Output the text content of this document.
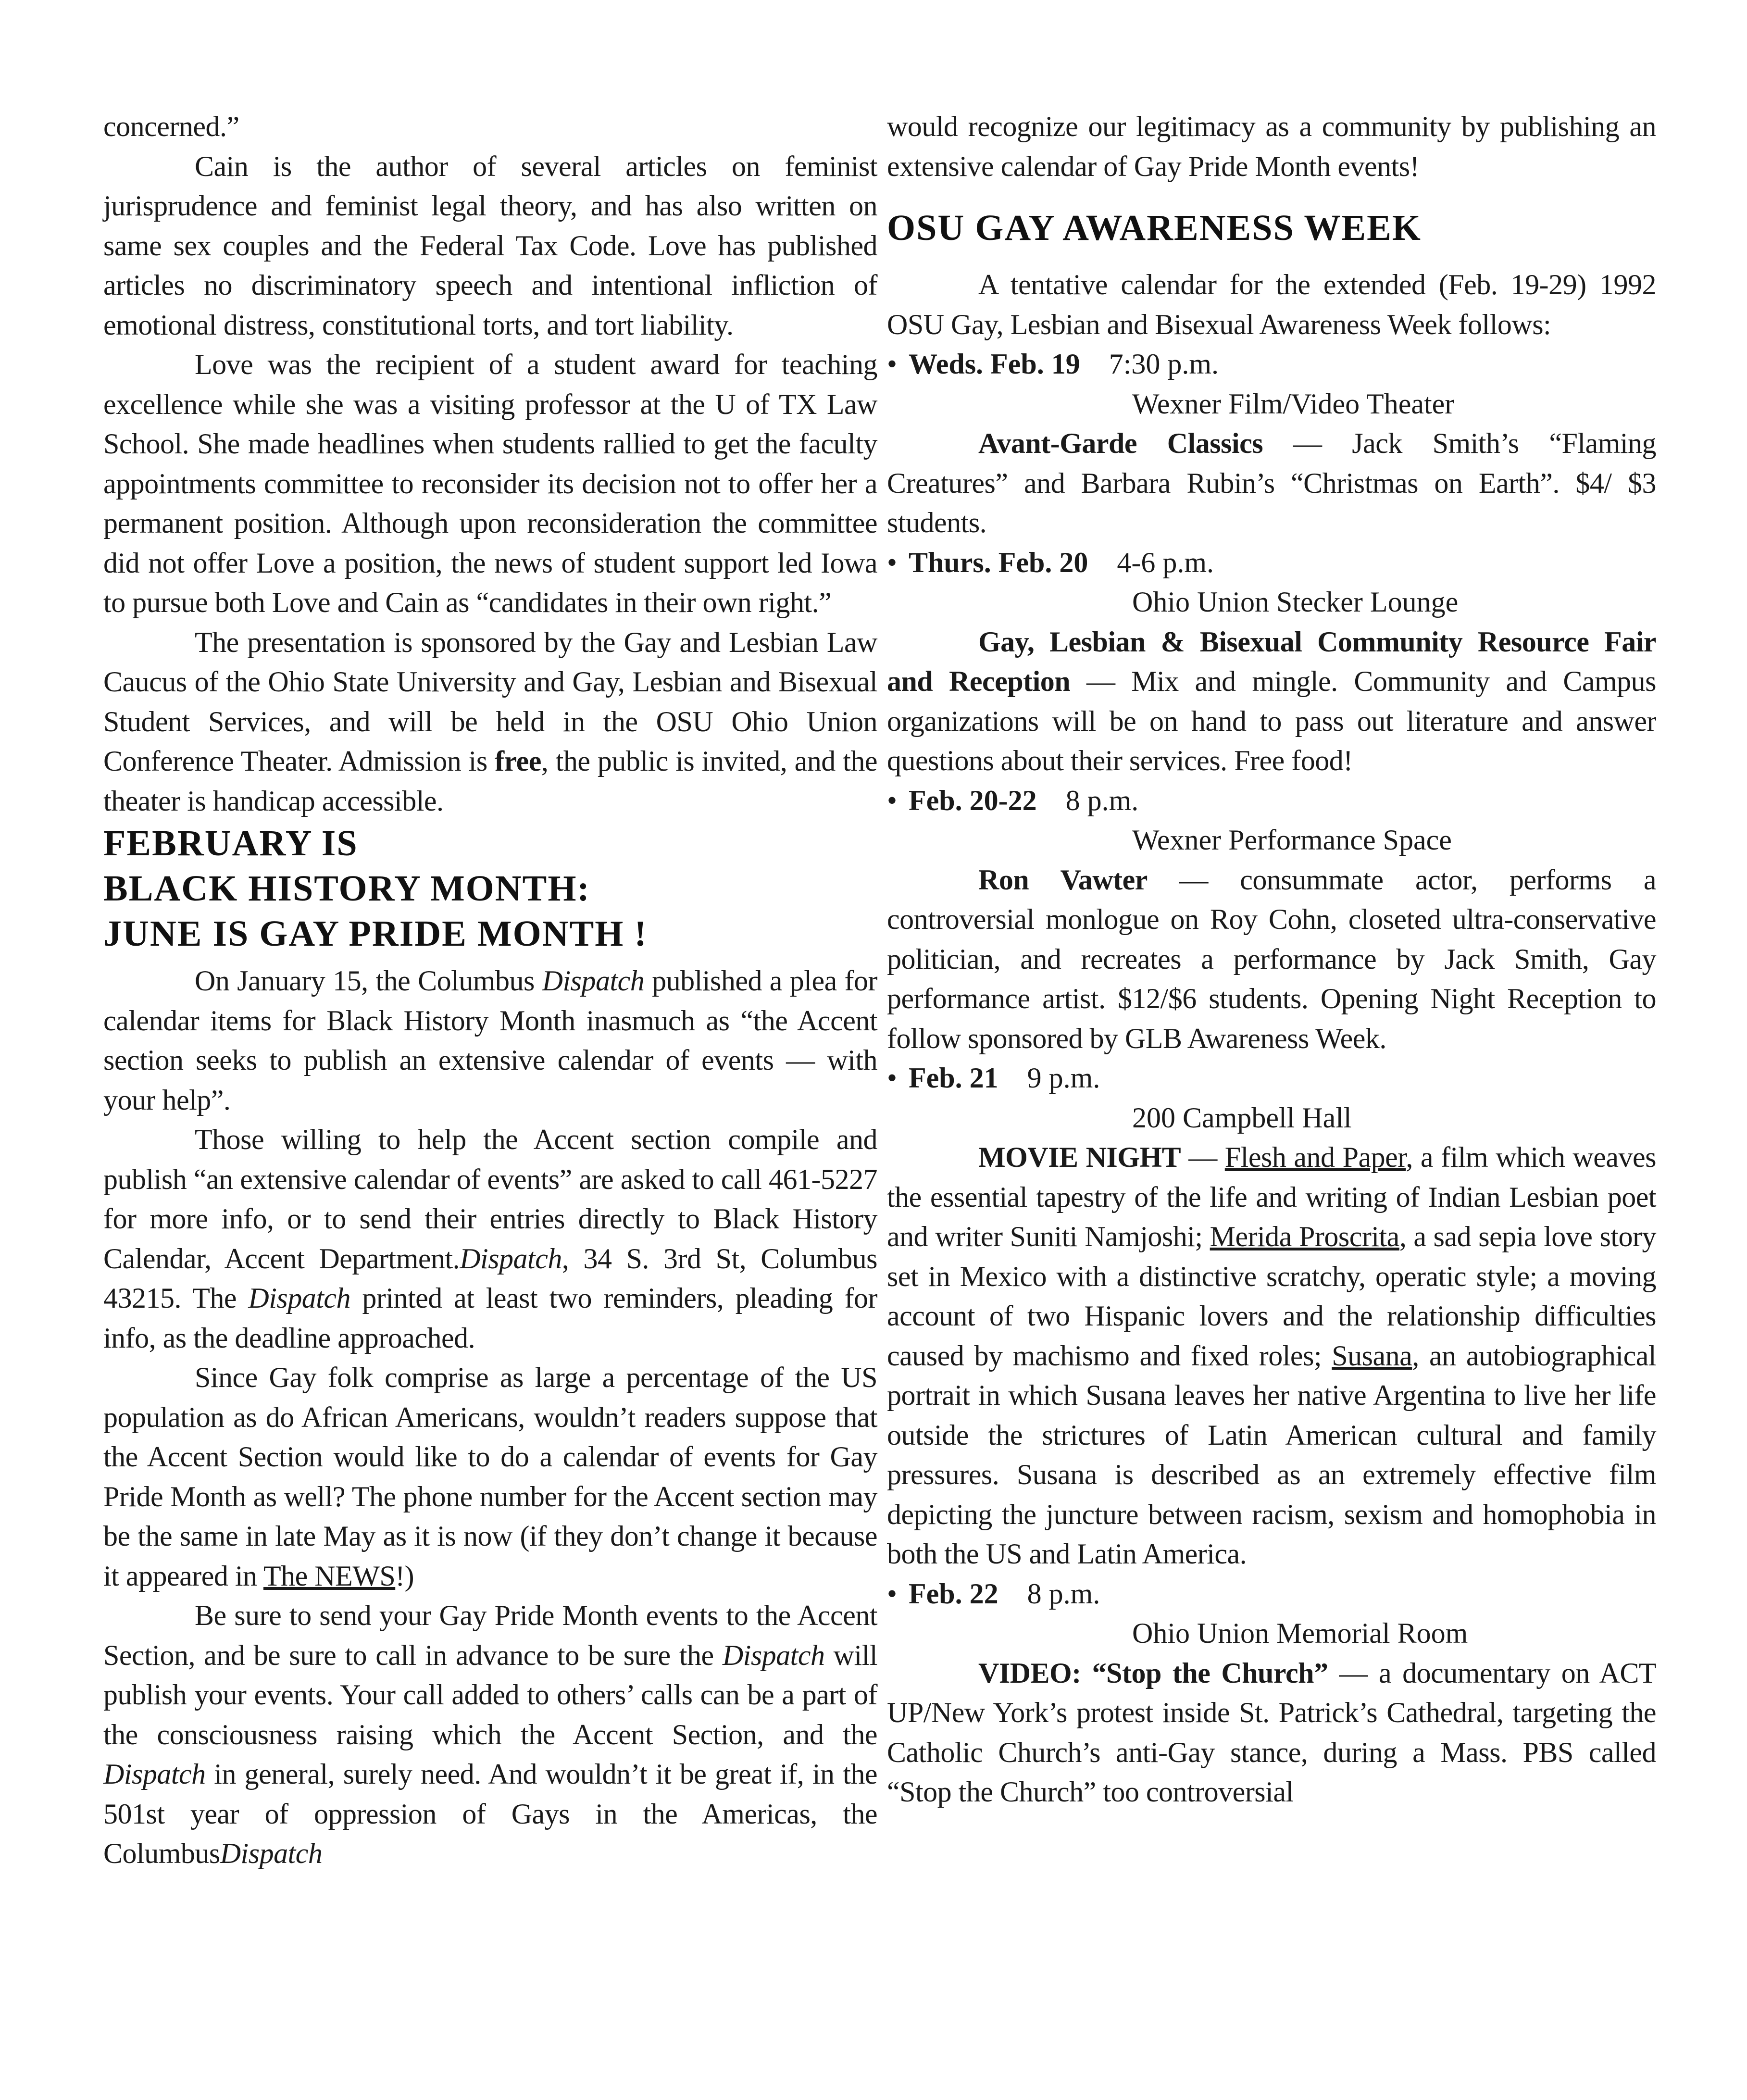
concerned.”

Cain is the author of several articles on feminist jurisprudence and feminist legal theory, and has also written on same sex couples and the Federal Tax Code. Love has published articles no discriminatory speech and intentional infliction of emotional distress, constitutional torts, and tort liability.

Love was the recipient of a student award for teaching excellence while she was a visiting professor at the U of TX Law School. She made headlines when students rallied to get the faculty appointments committee to reconsider its decision not to offer her a permanent position. Although upon reconsideration the committee did not offer Love a position, the news of student support led Iowa to pursue both Love and Cain as “candidates in their own right.”

The presentation is sponsored by the Gay and Lesbian Law Caucus of the Ohio State University and Gay, Lesbian and Bisexual Student Services, and will be held in the OSU Ohio Union Conference Theater. Admission is free, the public is invited, and the theater is handicap accessible.

FEBRUARY IS
BLACK HISTORY MONTH:
JUNE IS GAY PRIDE MONTH !

On January 15, the Columbus Dispatch published a plea for calendar items for Black History Month inasmuch as “the Accent section seeks to publish an extensive calendar of events — with your help”.

Those willing to help the Accent section compile and publish “an extensive calendar of events” are asked to call 461-5227 for more info, or to send their entries directly to Black History Calendar, Accent Department.Dispatch, 34 S. 3rd St, Columbus 43215. The Dispatch printed at least two reminders, pleading for info, as the deadline approached.

Since Gay folk comprise as large a percentage of the US population as do African Americans, wouldn’t readers suppose that the Accent Section would like to do a calendar of events for Gay Pride Month as well? The phone number for the Accent section may be the same in late May as it is now (if they don’t change it because it appeared in The NEWS!)

Be sure to send your Gay Pride Month events to the Accent Section, and be sure to call in advance to be sure the Dispatch will publish your events. Your call added to others’ calls can be a part of the consciousness raising which the Accent Section, and the Dispatch in general, surely need. And wouldn’t it be great if, in the 501st year of oppression of Gays in the Americas, the ColumbusDispatch

would recognize our legitimacy as a community by publishing an extensive calendar of Gay Pride Month events!

OSU GAY AWARENESS WEEK

A tentative calendar for the extended (Feb. 19-29) 1992 OSU Gay, Lesbian and Bisexual Awareness Week follows:

• Weds. Feb. 19 7:30 p.m.
Wexner Film/Video Theater

Avant-Garde Classics — Jack Smith’s “Flaming Creatures” and Barbara Rubin’s “Christmas on Earth”. $4/ $3 students.

• Thurs. Feb. 20 4-6 p.m.
Ohio Union Stecker Lounge

Gay, Lesbian & Bisexual Community Resource Fair and Reception — Mix and mingle. Community and Campus organizations will be on hand to pass out literature and answer questions about their services. Free food!

• Feb. 20-22 8 p.m.
Wexner Performance Space

Ron Vawter — consummate actor, performs a controversial monlogue on Roy Cohn, closeted ultra-conservative politician, and recreates a performance by Jack Smith, Gay performance artist. $12/$6 students. Opening Night Reception to follow sponsored by GLB Awareness Week.

• Feb. 21 9 p.m.
200 Campbell Hall

MOVIE NIGHT — Flesh and Paper, a film which weaves the essential tapestry of the life and writing of Indian Lesbian poet and writer Suniti Namjoshi; Merida Proscrita, a sad sepia love story set in Mexico with a distinctive scratchy, operatic style; a moving account of two Hispanic lovers and the relationship difficulties caused by machismo and fixed roles; Susana, an autobiographical portrait in which Susana leaves her native Argentina to live her life outside the strictures of Latin American cultural and family pressures. Susana is described as an extremely effective film depicting the juncture between racism, sexism and homophobia in both the US and Latin America.

• Feb. 22 8 p.m.
Ohio Union Memorial Room

VIDEO: “Stop the Church” — a documentary on ACT UP/New York’s protest inside St. Patrick’s Cathedral, targeting the Catholic Church’s anti-Gay stance, during a Mass. PBS called “Stop the Church” too controversial
